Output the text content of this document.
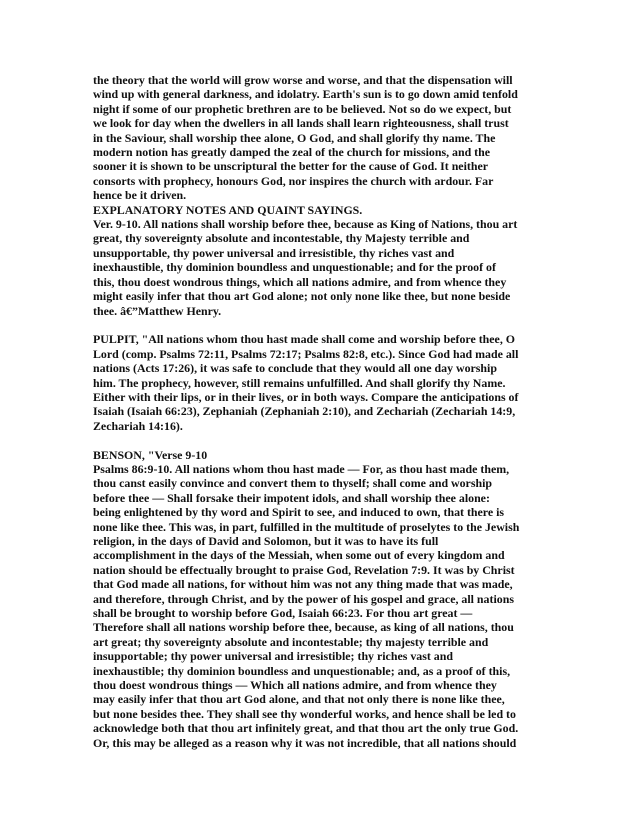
the theory that the world will grow worse and worse, and that the dispensation will
wind up with general darkness, and idolatry. Earth's sun is to go down amid tenfold
night if some of our prophetic brethren are to be believed. Not so do we expect, but
we look for day when the dwellers in all lands shall learn righteousness, shall trust
in the Saviour, shall worship thee alone, O God, and shall glorify thy name. The
modern notion has greatly damped the zeal of the church for missions, and the
sooner it is shown to be unscriptural the better for the cause of God. It neither
consorts with prophecy, honours God, nor inspires the church with ardour. Far
hence be it driven.
EXPLANATORY NOTES AND QUAINT SAYINGS.
Ver. 9-10. All nations shall worship before thee, because as King of Nations, thou art
great, thy sovereignty absolute and incontestable, thy Majesty terrible and
unsupportable, thy power universal and irresistible, thy riches vast and
inexhaustible, thy dominion boundless and unquestionable; and for the proof of
this, thou doest wondrous things, which all nations admire, and from whence they
might easily infer that thou art God alone; not only none like thee, but none beside
thee. â€”Matthew Henry.
PULPIT, "All nations whom thou hast made shall come and worship before thee, O
Lord (comp. Psalms 72:11, Psalms 72:17; Psalms 82:8, etc.). Since God had made all
nations (Acts 17:26), it was safe to conclude that they would all one day worship
him. The prophecy, however, still remains unfulfilled. And shall glorify thy Name.
Either with their lips, or in their lives, or in both ways. Compare the anticipations of
Isaiah (Isaiah 66:23), Zephaniah (Zephaniah 2:10), and Zechariah (Zechariah 14:9,
Zechariah 14:16).
BENSON, "Verse 9-10
Psalms 86:9-10. All nations whom thou hast made — For, as thou hast made them,
thou canst easily convince and convert them to thyself; shall come and worship
before thee — Shall forsake their impotent idols, and shall worship thee alone:
being enlightened by thy word and Spirit to see, and induced to own, that there is
none like thee. This was, in part, fulfilled in the multitude of proselytes to the Jewish
religion, in the days of David and Solomon, but it was to have its full
accomplishment in the days of the Messiah, when some out of every kingdom and
nation should be effectually brought to praise God, Revelation 7:9. It was by Christ
that God made all nations, for without him was not any thing made that was made,
and therefore, through Christ, and by the power of his gospel and grace, all nations
shall be brought to worship before God, Isaiah 66:23. For thou art great —
Therefore shall all nations worship before thee, because, as king of all nations, thou
art great; thy sovereignty absolute and incontestable; thy majesty terrible and
insupportable; thy power universal and irresistible; thy riches vast and
inexhaustible; thy dominion boundless and unquestionable; and, as a proof of this,
thou doest wondrous things — Which all nations admire, and from whence they
may easily infer that thou art God alone, and that not only there is none like thee,
but none besides thee. They shall see thy wonderful works, and hence shall be led to
acknowledge both that thou art infinitely great, and that thou art the only true God.
Or, this may be alleged as a reason why it was not incredible, that all nations should
